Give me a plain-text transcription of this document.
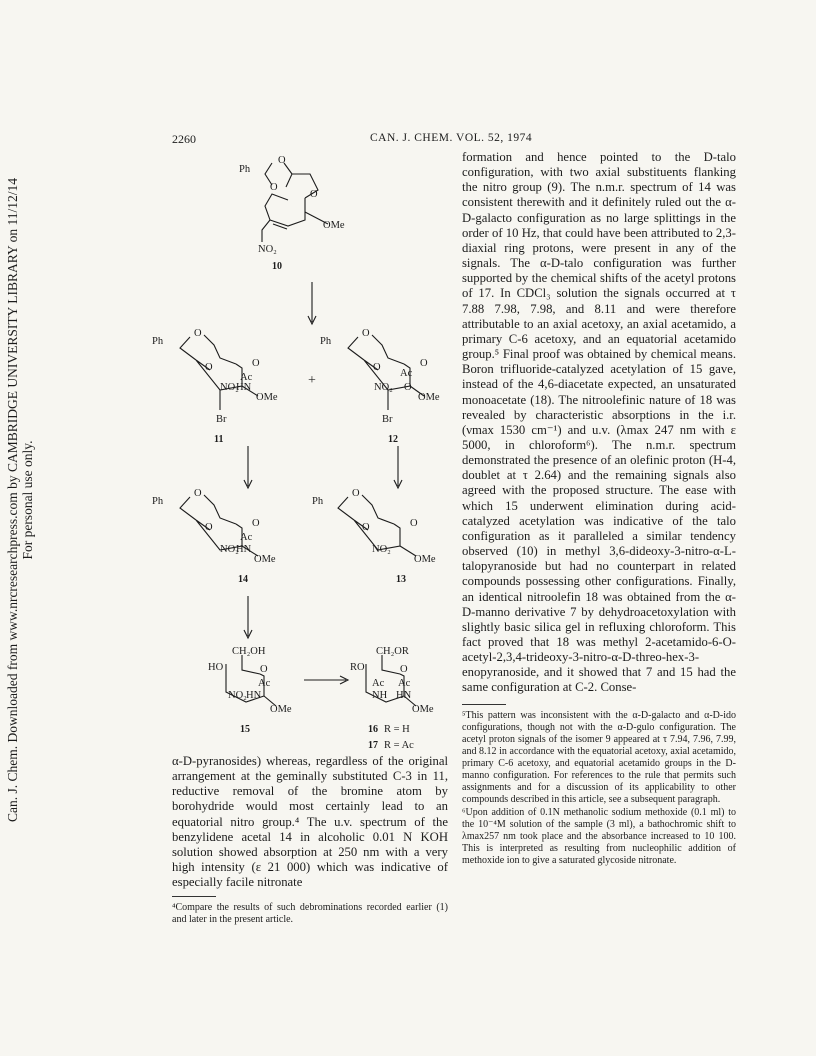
Can. J. Chem. Downloaded from www.nrcresearchpress.com by CAMBRIDGE UNIVERSITY LIBRARY on 11/12/14 For personal use only.
2260	CAN. J. CHEM. VOL. 52, 1974
Ph
O
O
O
OMe
NO₂
10
Ph
O
O	O
Ac
NO₂
HN
OMe
Br
11
+
Ph
O
O	O
Ac
NO₂ O
OMe
Br
12
Ph
O
O	O
Ac
NO₂
HN
OMe
14
Ph
O
O	O
NO₂
OMe
13
CH₂OH
HO	O
Ac
NO₂ HN
OMe
15
CH₂OR
RO	O
Ac Ac
NH HN
OMe
16 R = H
17 R = Ac

α-D-pyranosides) whereas, regardless of the original arrangement at the geminally substituted C-3 in 11, reductive removal of the bromine atom by borohydride would most certainly lead to an equatorial nitro group.⁴ The u.v. spectrum of the benzylidene acetal 14 in alcoholic 0.01 N KOH solution showed absorption at 250 nm with a very high intensity (ε 21 000) which was indicative of especially facile nitronate

⁴Compare the results of such debrominations recorded earlier (1) and later in the present article.

formation and hence pointed to the D-talo configuration, with two axial substituents flanking the nitro group (9). The n.m.r. spectrum of 14 was consistent therewith and it definitely ruled out the α-D-galacto configuration as no large splittings in the order of 10 Hz, that could have been attributed to 2,3-diaxial ring protons, were present in any of the signals. The α-D-talo configuration was further supported by the chemical shifts of the acetyl protons of 17. In CDCl₃ solution the signals occurred at τ 7.88 7.98, 7.98, and 8.11 and were therefore attributable to an axial acetoxy, an axial acetamido, a primary C-6 acetoxy, and an equatorial acetamido group.⁵ Final proof was obtained by chemical means. Boron trifluoride-catalyzed acetylation of 15 gave, instead of the 4,6-diacetate expected, an unsaturated monoacetate (18). The nitroolefinic nature of 18 was revealed by characteristic absorptions in the i.r. (νmax 1530 cm⁻¹) and u.v. (λmax 247 nm with ε 5000, in chloroform⁶). The n.m.r. spectrum demonstrated the presence of an olefinic proton (H-4, doublet at τ 2.64) and the remaining signals also agreed with the proposed structure. The ease with which 15 underwent elimination during acid-catalyzed acetylation was indicative of the talo configuration as it paralleled a similar tendency observed (10) in methyl 3,6-dideoxy-3-nitro-α-L-talopyranoside but had no counterpart in related compounds possessing other configurations. Finally, an identical nitroolefin 18 was obtained from the α-D-manno derivative 7 by dehydroacetoxylation with slightly basic silica gel in refluxing chloroform. This fact proved that 18 was methyl 2-acetamido-6-O-acetyl-2,3,4-trideoxy-3-nitro-α-D-threo-hex-3-enopyranoside, and it showed that 7 and 15 had the same configuration at C-2. Conse-

⁵This pattern was inconsistent with the α-D-galacto and α-D-ido configurations, though not with the α-D-gulo configuration. The acetyl proton signals of the isomer 9 appeared at τ 7.94, 7.96, 7.99, and 8.12 in accordance with the equatorial acetoxy, axial acetamido, primary C-6 acetoxy, and equatorial acetamido groups in the D-manno configuration. For references to the rule that permits such assignments and for a discussion of its applicability to other compounds described in this article, see a subsequent paragraph.

⁶Upon addition of 0.1N methanolic sodium methoxide (0.1 ml) to the 10⁻⁴M solution of the sample (3 ml), a bathochromic shift to λmax257 nm took place and the absorbance increased to 10 100. This is interpreted as resulting from nucleophilic addition of methoxide ion to give a saturated glycoside nitronate.
